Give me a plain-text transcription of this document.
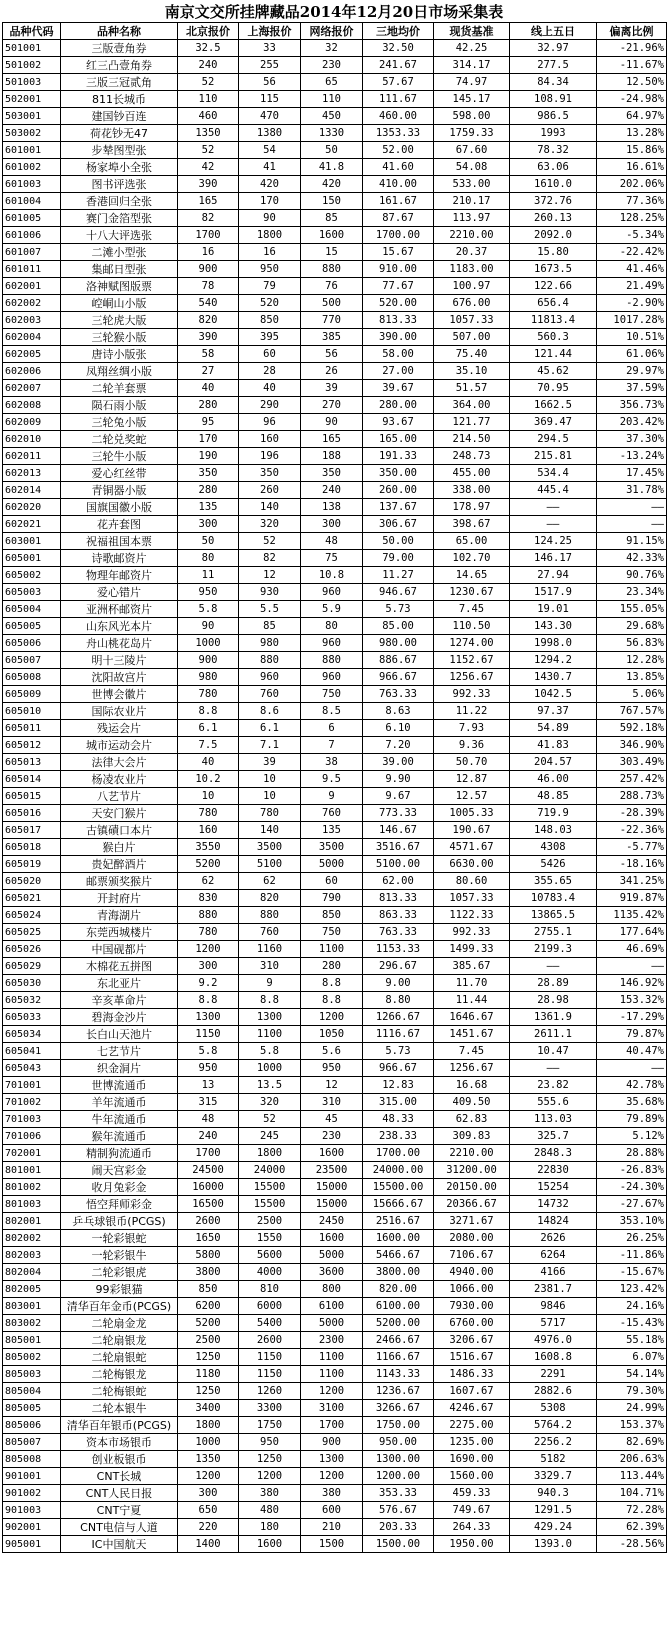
南京文交所挂牌藏品2014年12月20日市场采集表
品种代码	品种名称	北京报价	上海报价	网络报价	三地均价	现货基准	线上五日	偏离比例
501001	三版壹角券	32.5	33	32	32.50	42.25	32.97	-21.96%
501002	红三凸壹角券	240	255	230	241.67	314.17	277.5	-11.67%
501003	三版三冠贰角	52	56	65	57.67	74.97	84.34	12.50%
502001	811长城币	110	115	110	111.67	145.17	108.91	-24.98%
503001	建国钞百连	460	470	450	460.00	598.00	986.5	64.97%
503002	荷花钞无47	1350	1380	1330	1353.33	1759.33	1993	13.28%
601001	步辇图型张	52	54	50	52.00	67.60	78.32	15.86%
601002	杨家埠小全张	42	41	41.8	41.60	54.08	63.06	16.61%
601003	图书评选张	390	420	420	410.00	533.00	1610.0	202.06%
601004	香港回归全张	165	170	150	161.67	210.17	372.76	77.36%
601005	赛门金箔型张	82	90	85	87.67	113.97	260.13	128.25%
601006	十八大评选张	1700	1800	1600	1700.00	2210.00	2092.0	-5.34%
601007	二滩小型张	16	16	15	15.67	20.37	15.80	-22.42%
601011	集邮日型张	900	950	880	910.00	1183.00	1673.5	41.46%
602001	洛神赋图版票	78	79	76	77.67	100.97	122.66	21.49%
602002	崆峒山小版	540	520	500	520.00	676.00	656.4	-2.90%
602003	三轮虎大版	820	850	770	813.33	1057.33	11813.4	1017.28%
602004	三轮猴小版	390	395	385	390.00	507.00	560.3	10.51%
602005	唐诗小版张	58	60	56	58.00	75.40	121.44	61.06%
602006	凤翔丝绸小版	27	28	26	27.00	35.10	45.62	29.97%
602007	二轮羊套票	40	40	39	39.67	51.57	70.95	37.59%
602008	陨石雨小版	280	290	270	280.00	364.00	1662.5	356.73%
602009	三轮兔小版	95	96	90	93.67	121.77	369.47	203.42%
602010	二轮兑奖蛇	170	160	165	165.00	214.50	294.5	37.30%
602011	三轮牛小版	190	196	188	191.33	248.73	215.81	-13.24%
602013	爱心红丝带	350	350	350	350.00	455.00	534.4	17.45%
602014	青铜器小版	280	260	240	260.00	338.00	445.4	31.78%
602020	国旗国徽小版	135	140	138	137.67	178.97	——	——
602021	花卉套图	300	320	300	306.67	398.67	——	——
603001	祝福祖国本票	50	52	48	50.00	65.00	124.25	91.15%
605001	诗歌邮资片	80	82	75	79.00	102.70	146.17	42.33%
605002	物理年邮资片	11	12	10.8	11.27	14.65	27.94	90.76%
605003	爱心错片	950	930	960	946.67	1230.67	1517.9	23.34%
605004	亚洲杯邮资片	5.8	5.5	5.9	5.73	7.45	19.01	155.05%
605005	山东风光本片	90	85	80	85.00	110.50	143.30	29.68%
605006	舟山桃花岛片	1000	980	960	980.00	1274.00	1998.0	56.83%
605007	明十三陵片	900	880	880	886.67	1152.67	1294.2	12.28%
605008	沈阳故宫片	980	960	960	966.67	1256.67	1430.7	13.85%
605009	世博会徽片	780	760	750	763.33	992.33	1042.5	5.06%
605010	国际农业片	8.8	8.6	8.5	8.63	11.22	97.37	767.57%
605011	残运会片	6.1	6.1	6	6.10	7.93	54.89	592.18%
605012	城市运动会片	7.5	7.1	7	7.20	9.36	41.83	346.90%
605013	法律大会片	40	39	38	39.00	50.70	204.57	303.49%
605014	杨凌农业片	10.2	10	9.5	9.90	12.87	46.00	257.42%
605015	八艺节片	10	10	9	9.67	12.57	48.85	288.73%
605016	天安门猴片	780	780	760	773.33	1005.33	719.9	-28.39%
605017	古镇磧口本片	160	140	135	146.67	190.67	148.03	-22.36%
605018	猴白片	3550	3500	3500	3516.67	4571.67	4308	-5.77%
605019	贵妃醉酒片	5200	5100	5000	5100.00	6630.00	5426	-18.16%
605020	邮票颁奖猴片	62	62	60	62.00	80.60	355.65	341.25%
605021	开封府片	830	820	790	813.33	1057.33	10783.4	919.87%
605024	青海湖片	880	880	850	863.33	1122.33	13865.5	1135.42%
605025	东莞西城楼片	780	760	750	763.33	992.33	2755.1	177.64%
605026	中国砚都片	1200	1160	1100	1153.33	1499.33	2199.3	46.69%
605029	木棉花五拼图	300	310	280	296.67	385.67	——	——
605030	东北亚片	9.2	9	8.8	9.00	11.70	28.89	146.92%
605032	辛亥革命片	8.8	8.8	8.8	8.80	11.44	28.98	153.32%
605033	碧海金沙片	1300	1300	1200	1266.67	1646.67	1361.9	-17.29%
605034	长白山天池片	1150	1100	1050	1116.67	1451.67	2611.1	79.87%
605041	七艺节片	5.8	5.8	5.6	5.73	7.45	10.47	40.47%
605043	织金洞片	950	1000	950	966.67	1256.67	——	——
701001	世博流通币	13	13.5	12	12.83	16.68	23.82	42.78%
701002	羊年流通币	315	320	310	315.00	409.50	555.6	35.68%
701003	牛年流通币	48	52	45	48.33	62.83	113.03	79.89%
701006	猴年流通币	240	245	230	238.33	309.83	325.7	5.12%
702001	精制狗流通币	1700	1800	1600	1700.00	2210.00	2848.3	28.88%
801001	闹天宫彩金	24500	24000	23500	24000.00	31200.00	22830	-26.83%
801002	收月兔彩金	16000	15500	15000	15500.00	20150.00	15254	-24.30%
801003	悟空拜师彩金	16500	15500	15000	15666.67	20366.67	14732	-27.67%
802001	乒乓球银币(PCGS)	2600	2500	2450	2516.67	3271.67	14824	353.10%
802002	一轮彩银蛇	1650	1550	1600	1600.00	2080.00	2626	26.25%
802003	一轮彩银牛	5800	5600	5000	5466.67	7106.67	6264	-11.86%
802004	二轮彩银虎	3800	4000	3600	3800.00	4940.00	4166	-15.67%
802005	99彩银猫	850	810	800	820.00	1066.00	2381.7	123.42%
803001	清华百年金币(PCGS)	6200	6000	6100	6100.00	7930.00	9846	24.16%
803002	二轮扇金龙	5200	5400	5000	5200.00	6760.00	5717	-15.43%
805001	二轮扇银龙	2500	2600	2300	2466.67	3206.67	4976.0	55.18%
805002	二轮扇银蛇	1250	1150	1100	1166.67	1516.67	1608.8	6.07%
805003	二轮梅银龙	1180	1150	1100	1143.33	1486.33	2291	54.14%
805004	二轮梅银蛇	1250	1260	1200	1236.67	1607.67	2882.6	79.30%
805005	二轮本银牛	3400	3300	3100	3266.67	4246.67	5308	24.99%
805006	清华百年银币(PCGS)	1800	1750	1700	1750.00	2275.00	5764.2	153.37%
805007	资本市场银币	1000	950	900	950.00	1235.00	2256.2	82.69%
805008	创业板银币	1350	1250	1300	1300.00	1690.00	5182	206.63%
901001	CNT长城	1200	1200	1200	1200.00	1560.00	3329.7	113.44%
901002	CNT人民日报	300	380	380	353.33	459.33	940.3	104.71%
901003	CNT宁夏	650	480	600	576.67	749.67	1291.5	72.28%
902001	CNT电信与人道	220	180	210	203.33	264.33	429.24	62.39%
905001	IC中国航天	1400	1600	1500	1500.00	1950.00	1393.0	-28.56%
